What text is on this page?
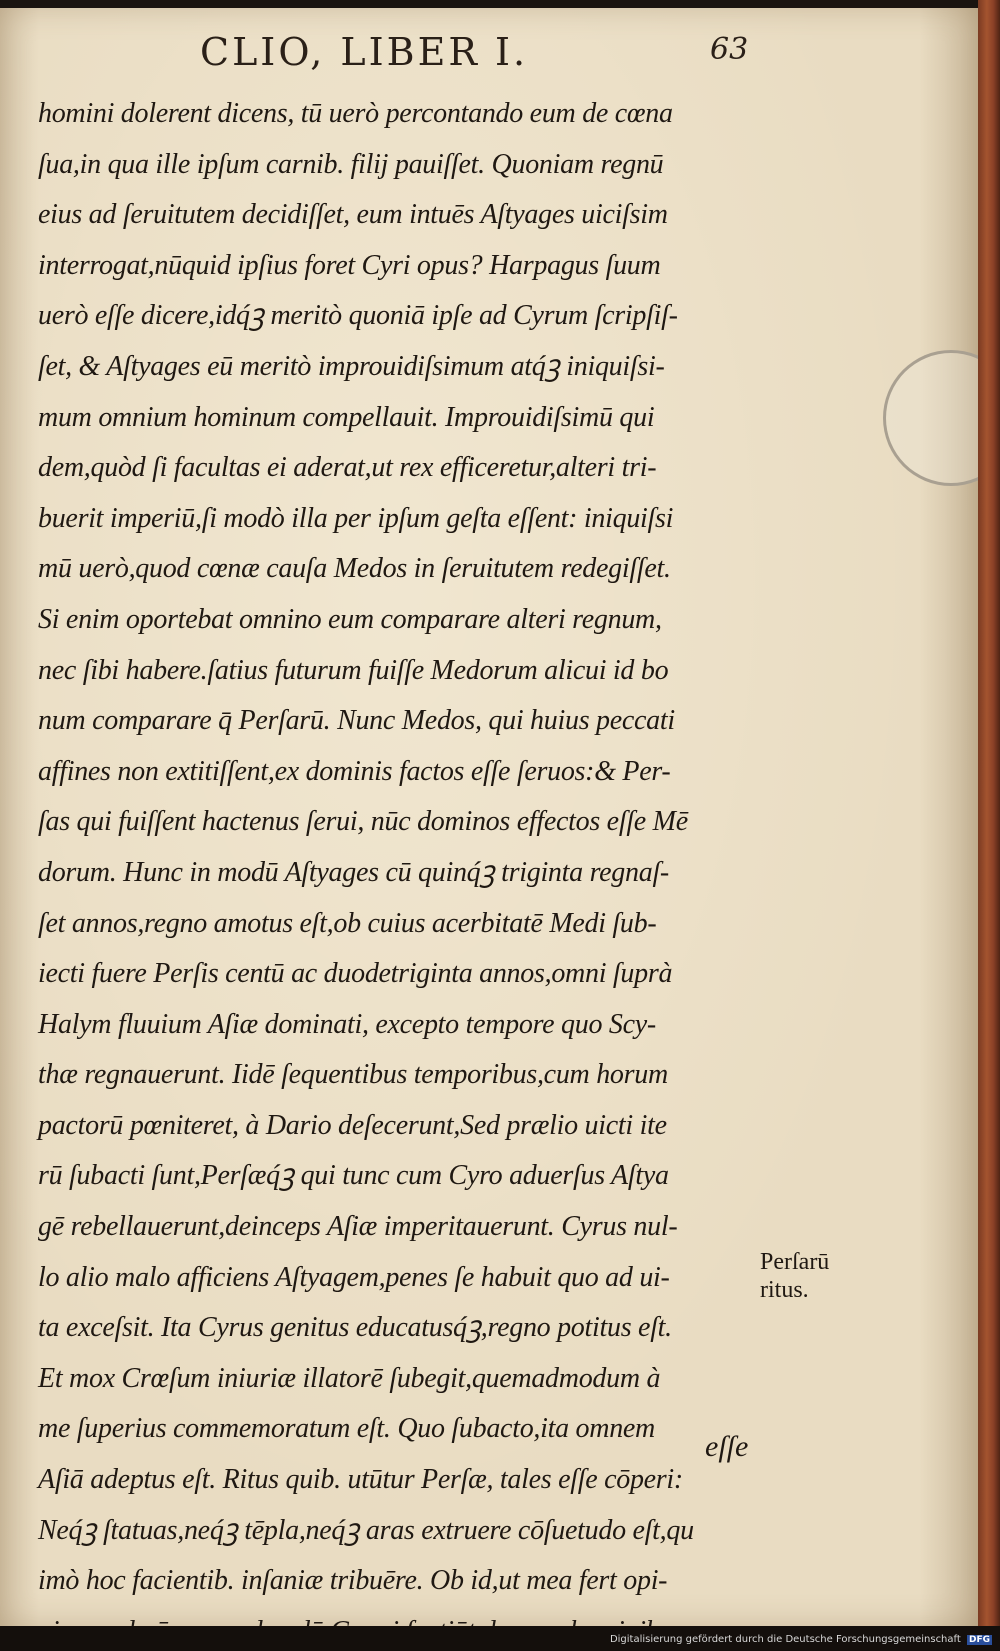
CLIO, LIBER I.	63
homini dolerent dicens, tū uerò percontando eum de cœna
ſua,in qua ille ipſum carnib. filij pauiſſet. Quoniam regnū
eius ad ſeruitutem decidiſſet, eum intuēs Aſtyages uiciſsim
interrogat,nūquid ipſius foret Cyri opus? Harpagus ſuum
uerò eſſe dicere,idq́ꝫ meritò quoniā ipſe ad Cyrum ſcripſiſ-
ſet, & Aſtyages eū meritò improuidiſsimum atq́ꝫ iniquiſsi-
mum omnium hominum compellauit. Improuidiſsimū qui
dem,quòd ſi facultas ei aderat,ut rex efficeretur,alteri tri-
buerit imperiū,ſi modò illa per ipſum geſta eſſent: iniquiſsi
mū uerò,quod cœnæ cauſa Medos in ſeruitutem redegiſſet.
Si enim oportebat omnino eum comparare alteri regnum,
nec ſibi habere.ſatius futurum fuiſſe Medorum alicui id bo
num comparare q̄ Perſarū. Nunc Medos, qui huius peccati
affines non extitiſſent,ex dominis factos eſſe ſeruos:& Per-
ſas qui fuiſſent hactenus ſerui, nūc dominos effectos eſſe Mē
dorum. Hunc in modū Aſtyages cū quinq́ꝫ triginta regnaſ-
ſet annos,regno amotus eſt,ob cuius acerbitatē Medi ſub-
iecti fuere Perſis centū ac duodetriginta annos,omni ſuprà
Halym fluuium Aſiæ dominati, excepto tempore quo Scy-
thæ regnauerunt. Iidē ſequentibus temporibus,cum horum
pactorū pœniteret, à Dario deſecerunt,Sed prælio uicti ite
rū ſubacti ſunt,Perſæq́ꝫ qui tunc cum Cyro aduerſus Aſtya
gē rebellauerunt,deinceps Aſiæ imperitauerunt. Cyrus nul-
lo alio malo afficiens Aſtyagem,penes ſe habuit quo ad ui-
ta exceſsit. Ita Cyrus genitus educatusq́ꝫ,regno potitus eſt.
Et mox Crœſum iniuriæ illatorē ſubegit,quemadmodum à
me ſuperius commemoratum eſt. Quo ſubacto,ita omnem
Aſiā adeptus eſt. Ritus quib. utūtur Perſæ, tales eſſe cōperi:
Neq́ꝫ ſtatuas,neq́ꝫ tēpla,neq́ꝫ aras extruere cōſuetudo eſt,qu
imò hoc facientib. inſaniæ tribuēre. Ob id,ut mea fert opi-
Perſarū
ritus.
eſſe
Digitalisierung gefördert durch die Deutsche Forschungsgemeinschaft DFG
